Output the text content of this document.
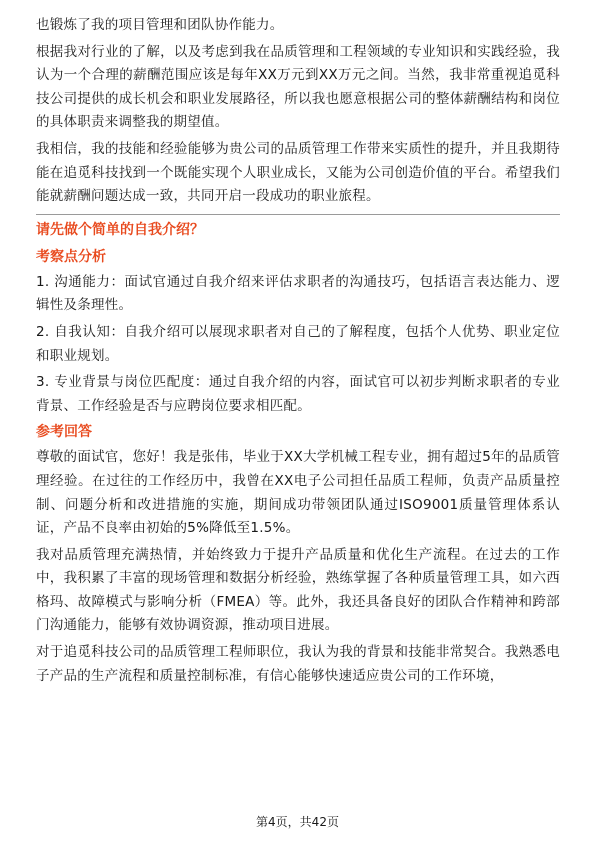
也锻炼了我的项目管理和团队协作能力。

根据我对行业的了解，以及考虑到我在品质管理和工程领域的专业知识和实践经验，我认为一个合理的薪酬范围应该是每年XX万元到XX万元之间。当然，我非常重视追觅科技公司提供的成长机会和职业发展路径，所以我也愿意根据公司的整体薪酬结构和岗位的具体职责来调整我的期望值。

我相信，我的技能和经验能够为贵公司的品质管理工作带来实质性的提升，并且我期待能在追觅科技找到一个既能实现个人职业成长，又能为公司创造价值的平台。希望我们能就薪酬问题达成一致，共同开启一段成功的职业旅程。

请先做个简单的自我介绍？
考察点分析

1. 沟通能力：面试官通过自我介绍来评估求职者的沟通技巧，包括语言表达能力、逻辑性及条理性。

2. 自我认知：自我介绍可以展现求职者对自己的了解程度，包括个人优势、职业定位和职业规划。

3. 专业背景与岗位匹配度：通过自我介绍的内容，面试官可以初步判断求职者的专业背景、工作经验是否与应聘岗位要求相匹配。

参考回答

尊敬的面试官，您好！我是张伟，毕业于XX大学机械工程专业，拥有超过5年的品质管理经验。在过往的工作经历中，我曾在XX电子公司担任品质工程师，负责产品质量控制、问题分析和改进措施的实施，期间成功带领团队通过ISO9001质量管理体系认证，产品不良率由初始的5%降低至1.5%。

我对品质管理充满热情，并始终致力于提升产品质量和优化生产流程。在过去的工作中，我积累了丰富的现场管理和数据分析经验，熟练掌握了各种质量管理工具，如六西格玛、故障模式与影响分析（FMEA）等。此外，我还具备良好的团队合作精神和跨部门沟通能力，能够有效协调资源，推动项目进展。

对于追觅科技公司的品质管理工程师职位，我认为我的背景和技能非常契合。我熟悉电子产品的生产流程和质量控制标准，有信心能够快速适应贵公司的工作环境，

第4页，共42页
